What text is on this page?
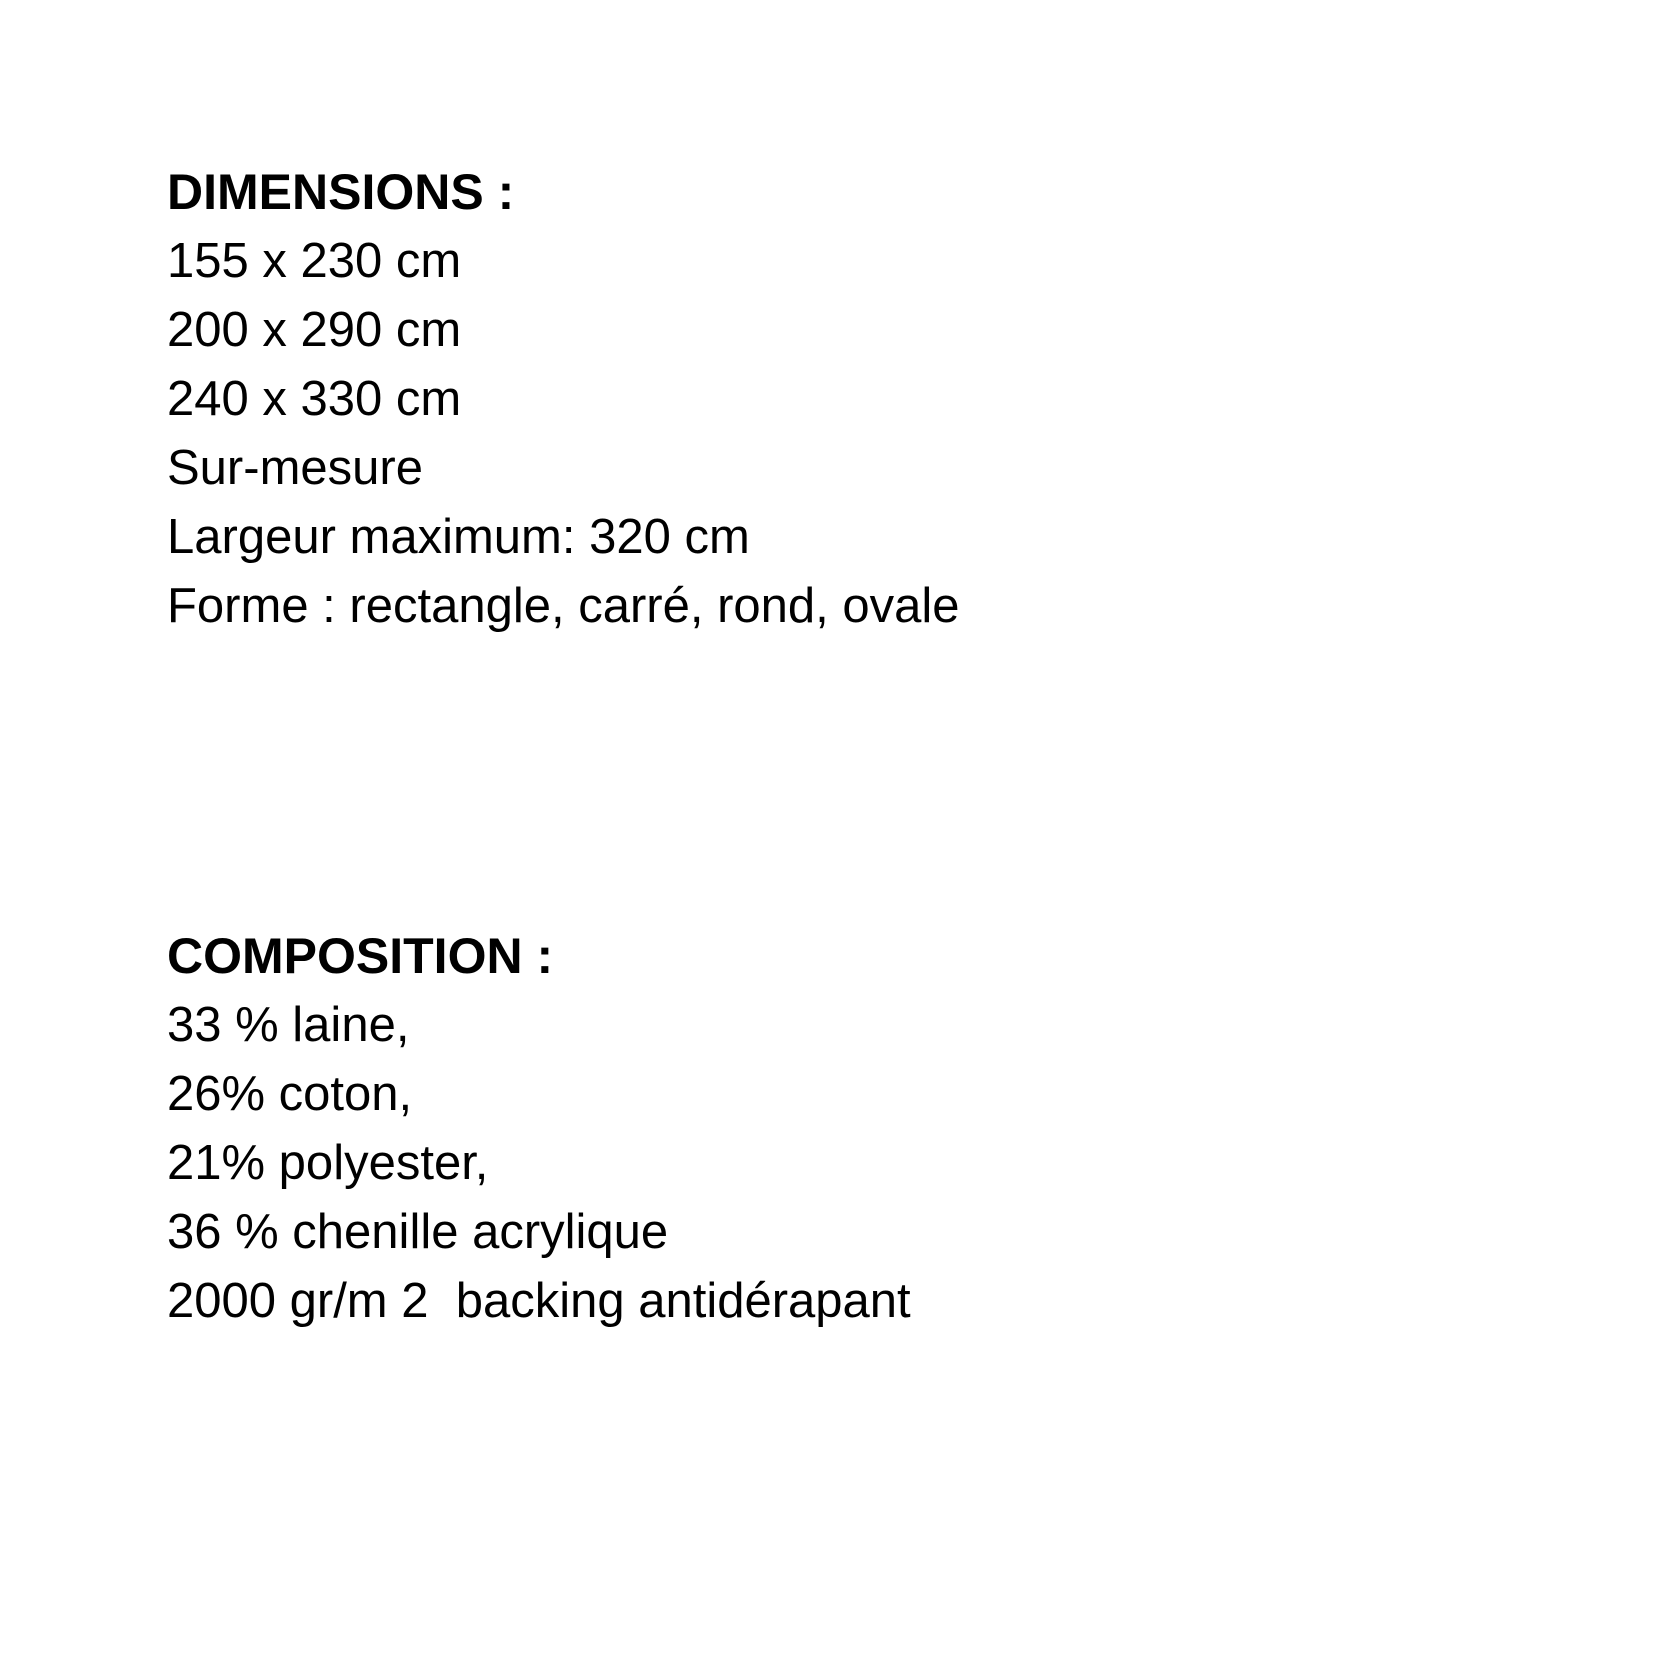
DIMENSIONS :
155 x 230 cm
200 x 290 cm
240 x 330 cm
Sur-mesure
Largeur maximum: 320 cm
Forme : rectangle, carré, rond, ovale
COMPOSITION :
33 % laine,
26% coton,
21% polyester,
36 % chenille acrylique
2000 gr/m 2  backing antidérapant
